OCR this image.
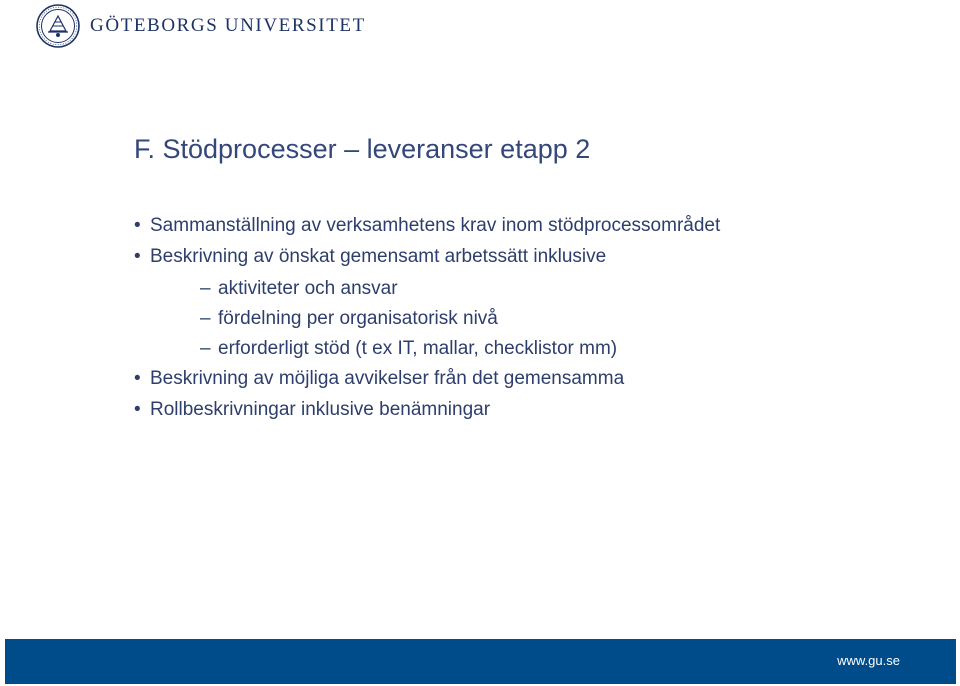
GÖTEBORGS UNIVERSITET
F. Stödprocesser – leveranser etapp 2
• Sammanställning av verksamhetens krav inom stödprocessområdet
• Beskrivning av önskat gemensamt arbetssätt inklusive
– aktiviteter och ansvar
– fördelning per organisatorisk nivå
– erforderligt stöd (t ex IT, mallar, checklistor mm)
• Beskrivning av möjliga avvikelser från det gemensamma
• Rollbeskrivningar inklusive benämningar
www.gu.se
